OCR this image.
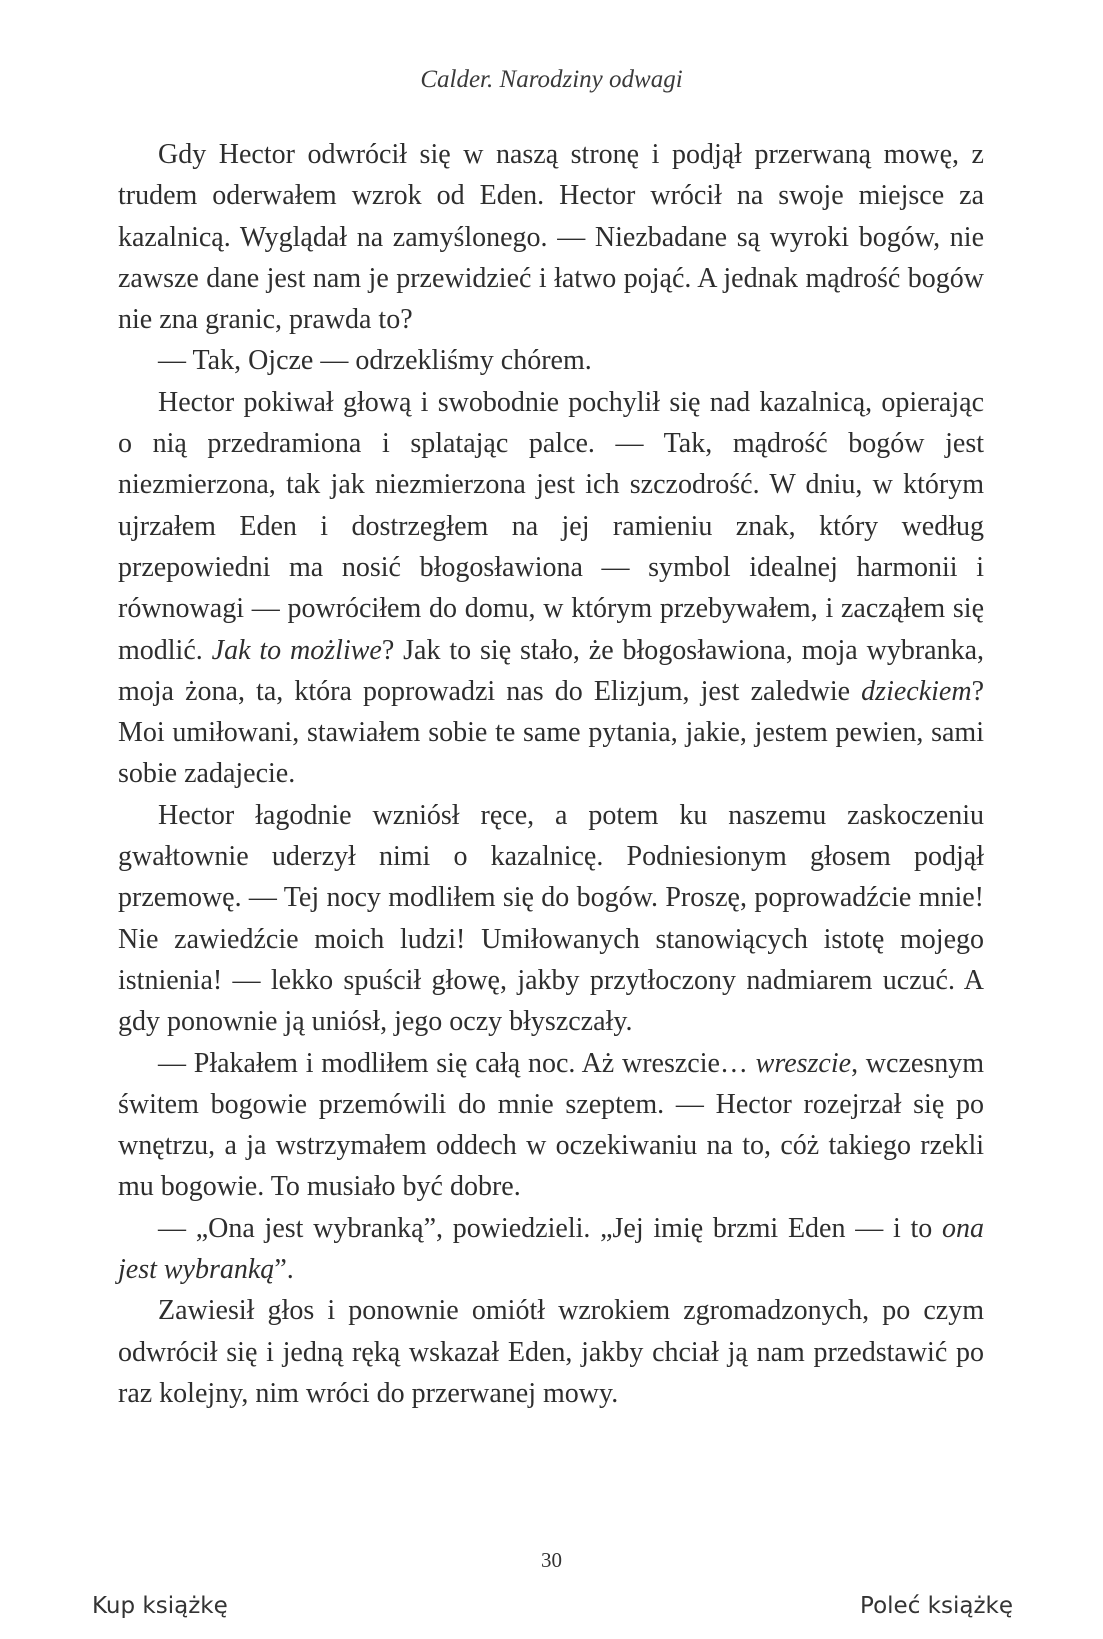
Calder. Narodziny odwagi

Gdy Hector odwrócił się w naszą stronę i podjął przerwaną mowę, z trudem oderwałem wzrok od Eden. Hector wrócił na swoje miejsce za kazalnicą. Wyglądał na zamyślonego. — Niezbadane są wyroki bogów, nie zawsze dane jest nam je przewidzieć i łatwo pojąć. A jednak mądrość bogów nie zna granic, prawda to?

— Tak, Ojcze — odrzekliśmy chórem.

Hector pokiwał głową i swobodnie pochylił się nad kazalnicą, opierając o nią przedramiona i splatając palce. — Tak, mądrość bogów jest niezmierzona, tak jak niezmierzona jest ich szczodrość. W dniu, w którym ujrzałem Eden i dostrzegłem na jej ramieniu znak, który według przepowiedni ma nosić błogosławiona — symbol idealnej harmonii i równowagi — powróciłem do domu, w którym przebywałem, i zacząłem się modlić. Jak to możliwe? Jak to się stało, że błogosławiona, moja wybranka, moja żona, ta, która poprowadzi nas do Elizjum, jest zaledwie dzieckiem? Moi umiłowani, stawiałem sobie te same pytania, jakie, jestem pewien, sami sobie zadajecie.

Hector łagodnie wzniósł ręce, a potem ku naszemu zaskoczeniu gwałtownie uderzył nimi o kazalnicę. Podniesionym głosem podjął przemowę. — Tej nocy modliłem się do bogów. Proszę, poprowadźcie mnie! Nie zawiedźcie moich ludzi! Umiłowanych stanowiących istotę mojego istnienia! — lekko spuścił głowę, jakby przytłoczony nadmiarem uczuć. A gdy ponownie ją uniósł, jego oczy błyszczały.

— Płakałem i modliłem się całą noc. Aż wreszcie… wreszcie, wczesnym świtem bogowie przemówili do mnie szeptem. — Hector rozejrzał się po wnętrzu, a ja wstrzymałem oddech w oczekiwaniu na to, cóż takiego rzekli mu bogowie. To musiało być dobre.

— „Ona jest wybranką”, powiedzieli. „Jej imię brzmi Eden — i to ona jest wybranką”.

Zawiesił głos i ponownie omiótł wzrokiem zgromadzonych, po czym odwrócił się i jedną ręką wskazał Eden, jakby chciał ją nam przedstawić po raz kolejny, nim wróci do przerwanej mowy.

30
Kup książkę	Poleć książkę
